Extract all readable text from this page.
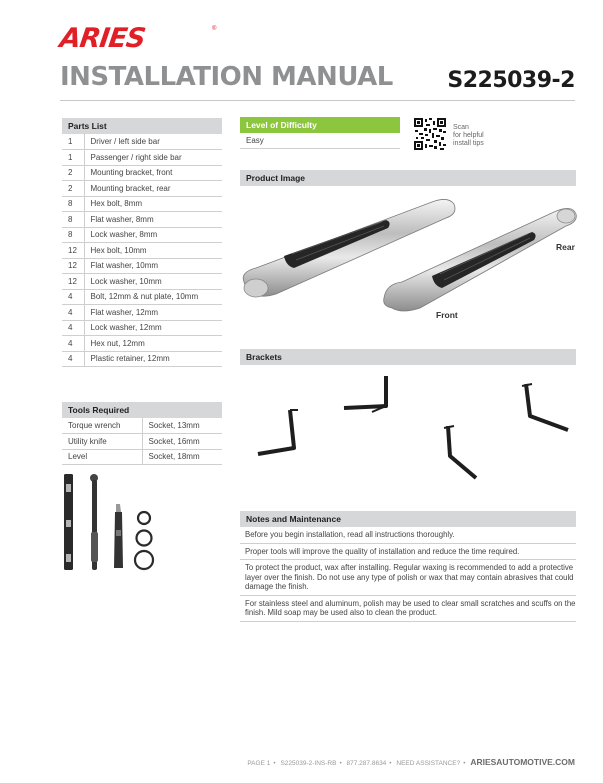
ARIES	®
INSTALLATION MANUAL S225039-2
Parts List
1	Driver / left side bar
1	Passenger / right side bar
2	Mounting bracket, front
2	Mounting bracket, rear
8	Hex bolt, 8mm
8	Flat washer, 8mm
8	Lock washer, 8mm
12	Hex bolt, 10mm
12	Flat washer, 10mm
12	Lock washer, 10mm
4	Bolt, 12mm & nut plate, 10mm
4	Flat washer, 12mm
4	Lock washer, 12mm
4	Hex nut, 12mm
4	Plastic retainer, 12mm
Tools Required
Torque wrench	Socket, 13mm
Utility knife	Socket, 16mm
Level	Socket, 18mm
Level of Difficulty
Easy
Scan
for helpful
install tips
Product Image
Rear
Front
Brackets
Notes and Maintenance
Before you begin installation, read all instructions thoroughly.
Proper tools will improve the quality of installation and reduce the time required.
To protect the product, wax after installing. Regular waxing is recommended to add a protective layer over the finish. Do not use any type of polish or wax that may contain abrasives that could damage the finish.
For stainless steel and aluminum, polish may be used to clear small scratches and scuffs on the finish. Mild soap may be used also to clean the product.
PAGE 1 • S225039-2-INS-RB • 877.287.8634 • NEED ASSISTANCE? • ARIESAUTOMOTIVE.COM
